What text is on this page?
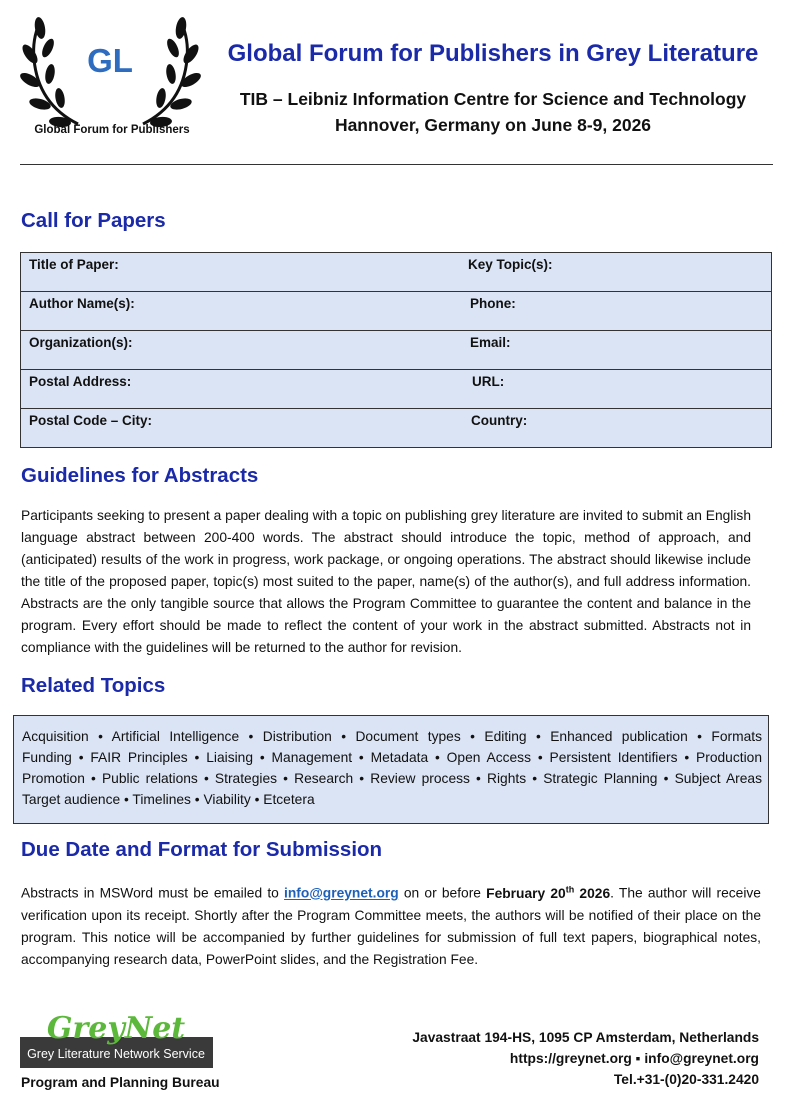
GL
Global Forum for Publishers
Global Forum for Publishers in Grey Literature
TIB – Leibniz Information Centre for Science and Technology
Hannover, Germany on June 8-9, 2026
Call for Papers
Title of Paper:	Key Topic(s):
Author Name(s):	Phone:
Organization(s):	Email:
Postal Address:	URL:
Postal Code – City:	Country:
Guidelines for Abstracts

Participants seeking to present a paper dealing with a topic on publishing grey literature are invited to submit an English language abstract between 200-400 words. The abstract should introduce the topic, method of approach, and (anticipated) results of the work in progress, work package, or ongoing operations. The abstract should likewise include the title of the proposed paper, topic(s) most suited to the paper, name(s) of the author(s), and full address information. Abstracts are the only tangible source that allows the Program Committee to guarantee the content and balance in the program. Every effort should be made to reflect the content of your work in the abstract submitted. Abstracts not in compliance with the guidelines will be returned to the author for revision.

Related Topics

Acquisition • Artificial Intelligence • Distribution • Document types • Editing • Enhanced publication • Formats
Funding • FAIR Principles • Liaising • Management • Metadata • Open Access • Persistent Identifiers • Production
Promotion • Public relations • Strategies • Research • Review process • Rights • Strategic Planning • Subject Areas
Target audience • Timelines • Viability • Etcetera

Due Date and Format for Submission

Abstracts in MSWord must be emailed to info@greynet.org on or before February 20th 2026. The author will receive verification upon its receipt. Shortly after the Program Committee meets, the authors will be notified of their place on the program. This notice will be accompanied by further guidelines for submission of full text papers, biographical notes, accompanying research data, PowerPoint slides, and the Registration Fee.

GreyNet
Grey Literature Network Service
Program and Planning Bureau
Javastraat 194-HS, 1095 CP Amsterdam, Netherlands
https://greynet.org ▪ info@greynet.org
Tel.+31-(0)20-331.2420
